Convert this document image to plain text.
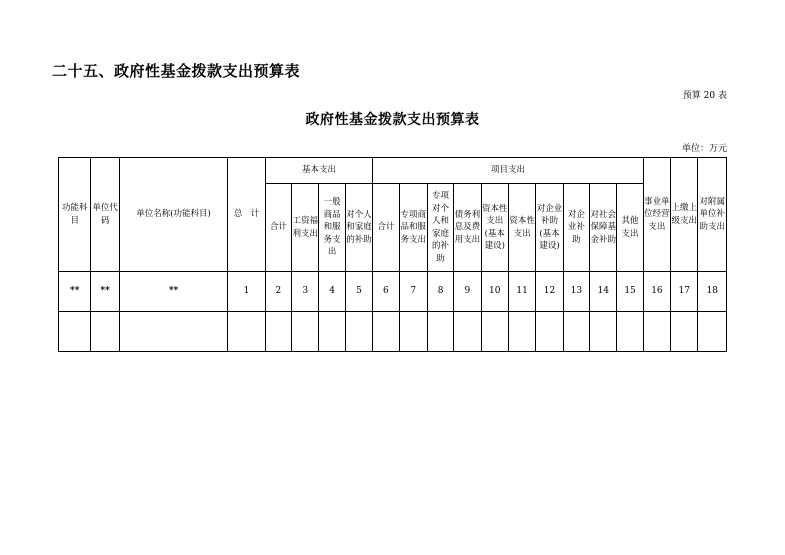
二十五、政府性基金拨款支出预算表
预算 20 表
政府性基金拨款支出预算表
单位：万元
功能科目	单位代码	单位名称(功能科目)	总　计	基本支出				项目支出										事业单位经营支出	上缴上级支出	对附属单位补助支出
				合计	工资福利支出	一般商品和服务支出	对个人和家庭的补助	合计	专项商品和服务支出	专项对个人和家庭的补助	债务利息及费用支出	资本性支出(基本建设)	资本性支出	对企业补助(基本建设)	对企业补助	对社会保障基金补助	其他支出			
**	**	**	1	2	3	4	5	6	7	8	9	10	11	12	13	14	15	16	17	18
